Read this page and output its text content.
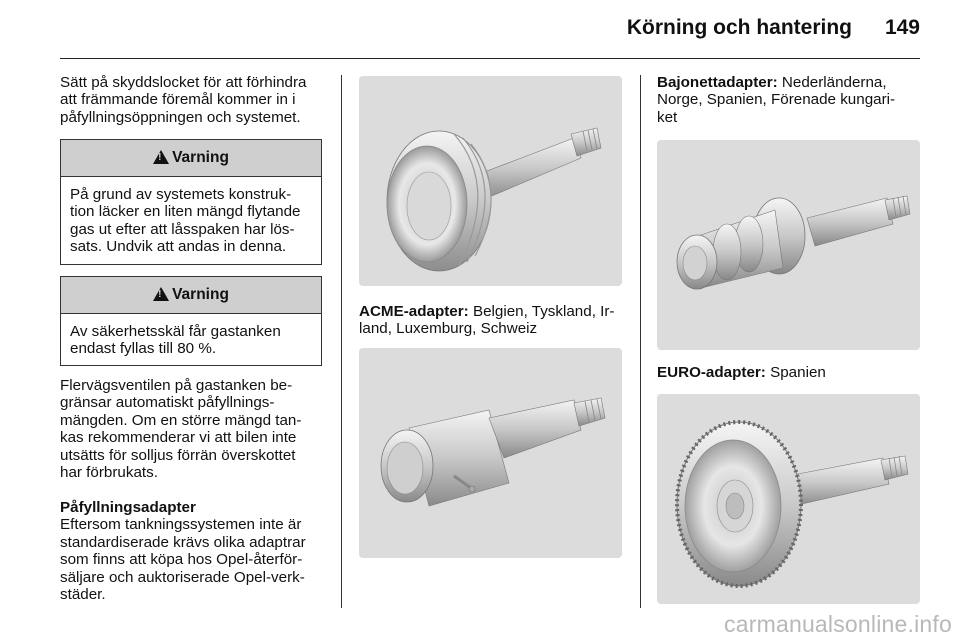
Körning och hantering 149
Sätt på skyddslocket för att förhindra
att främmande föremål kommer in i
påfyllningsöppningen och systemet.
!
Varning
På grund av systemets konstruk-
tion läcker en liten mängd flytande
gas ut efter att låsspaken har lös-
sats. Undvik att andas in denna.
!
Varning
Av säkerhetsskäl får gastanken
endast fyllas till 80 %.
Flervägsventilen på gastanken be-
gränsar automatiskt påfyllnings-
mängden. Om en större mängd tan-
kas rekommenderar vi att bilen inte
utsätts för solljus förrän överskottet
har förbrukats.
Påfyllningsadapter
Eftersom tankningssystemen inte är
standardiserade krävs olika adaptrar
som finns att köpa hos Opel-återför-
säljare och auktoriserade Opel-verk-
städer.
ACME-adapter: Belgien, Tyskland, Ir-
land, Luxemburg, Schweiz
Bajonettadapter: Nederländerna,
Norge, Spanien, Förenade kungari-
ket
EURO-adapter: Spanien
carmanualsonline.info
